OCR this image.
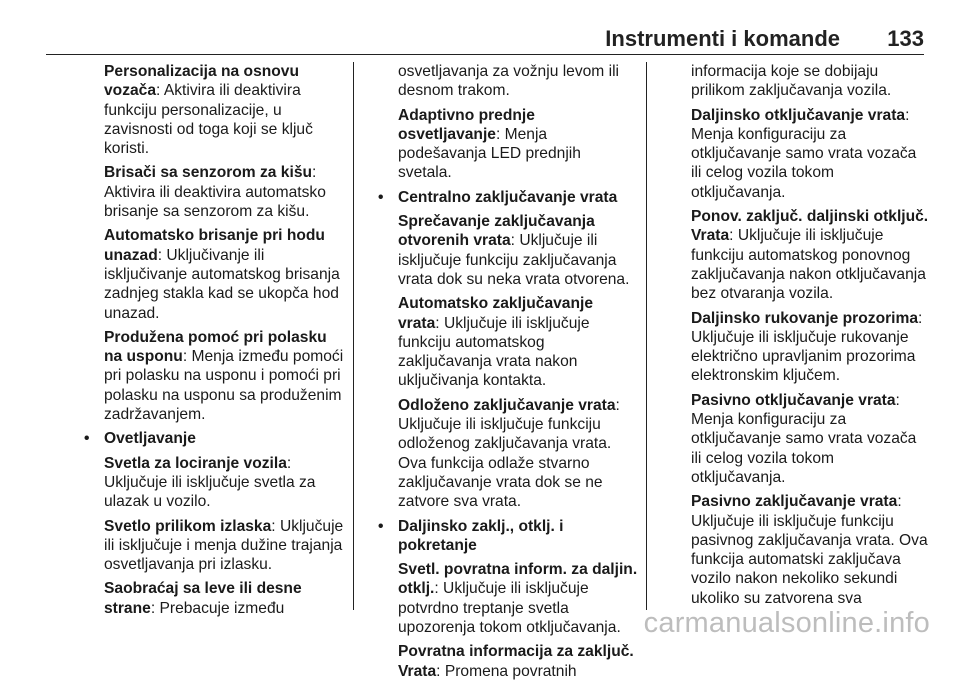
Instrumenti i komande 133

Personalizacija na osnovu vozača: Aktivira ili deaktivira funkciju personalizacije, u zavisnosti od toga koji se ključ koristi.

Brisači sa senzorom za kišu: Aktivira ili deaktivira automatsko brisanje sa senzorom za kišu.

Automatsko brisanje pri hodu unazad: Uključivanje ili isključivanje automatskog brisanja zadnjeg stakla kad se ukopča hod unazad.

Produžena pomoć pri polasku na usponu: Menja između pomoći pri polasku na usponu i pomoći pri polasku na usponu sa produženim zadržavanjem.

• Ovetljavanje

Svetla za lociranje vozila: Uključuje ili isključuje svetla za ulazak u vozilo.

Svetlo prilikom izlaska: Uključuje ili isključuje i menja dužine trajanja osvetljavanja pri izlasku.

Saobraćaj sa leve ili desne strane: Prebacuje između

osvetljavanja za vožnju levom ili desnom trakom.

Adaptivno prednje osvetljavanje: Menja podešavanja LED prednjih svetala.

• Centralno zaključavanje vrata

Sprečavanje zaključavanja otvorenih vrata: Uključuje ili isključuje funkciju zaključavanja vrata dok su neka vrata otvorena.

Automatsko zaključavanje vrata: Uključuje ili isključuje funkciju automatskog zaključavanja vrata nakon uključivanja kontakta.

Odloženo zaključavanje vrata: Uključuje ili isključuje funkciju odloženog zaključavanja vrata. Ova funkcija odlaže stvarno zaključavanje vrata dok se ne zatvore sva vrata.

• Daljinsko zaklj., otklj. i pokretanje

Svetl. povratna inform. za daljin. otklj.: Uključuje ili isključuje potvrdno treptanje svetla upozorenja tokom otključavanja.

Povratna informacija za zaključ. Vrata: Promena povratnih

informacija koje se dobijaju prilikom zaključavanja vozila.

Daljinsko otključavanje vrata: Menja konfiguraciju za otključavanje samo vrata vozača ili celog vozila tokom otključavanja.

Ponov. zaključ. daljinski otključ. Vrata: Uključuje ili isključuje funkciju automatskog ponovnog zaključavanja nakon otključavanja bez otvaranja vozila.

Daljinsko rukovanje prozorima: Uključuje ili isključuje rukovanje električno upravljanim prozorima elektronskim ključem.

Pasivno otključavanje vrata: Menja konfiguraciju za otključavanje samo vrata vozača ili celog vozila tokom otključavanja.

Pasivno zaključavanje vrata: Uključuje ili isključuje funkciju pasivnog zaključavanja vrata. Ova funkcija automatski zaključava vozilo nakon nekoliko sekundi ukoliko su zatvorena sva

carmanualsonline.info
